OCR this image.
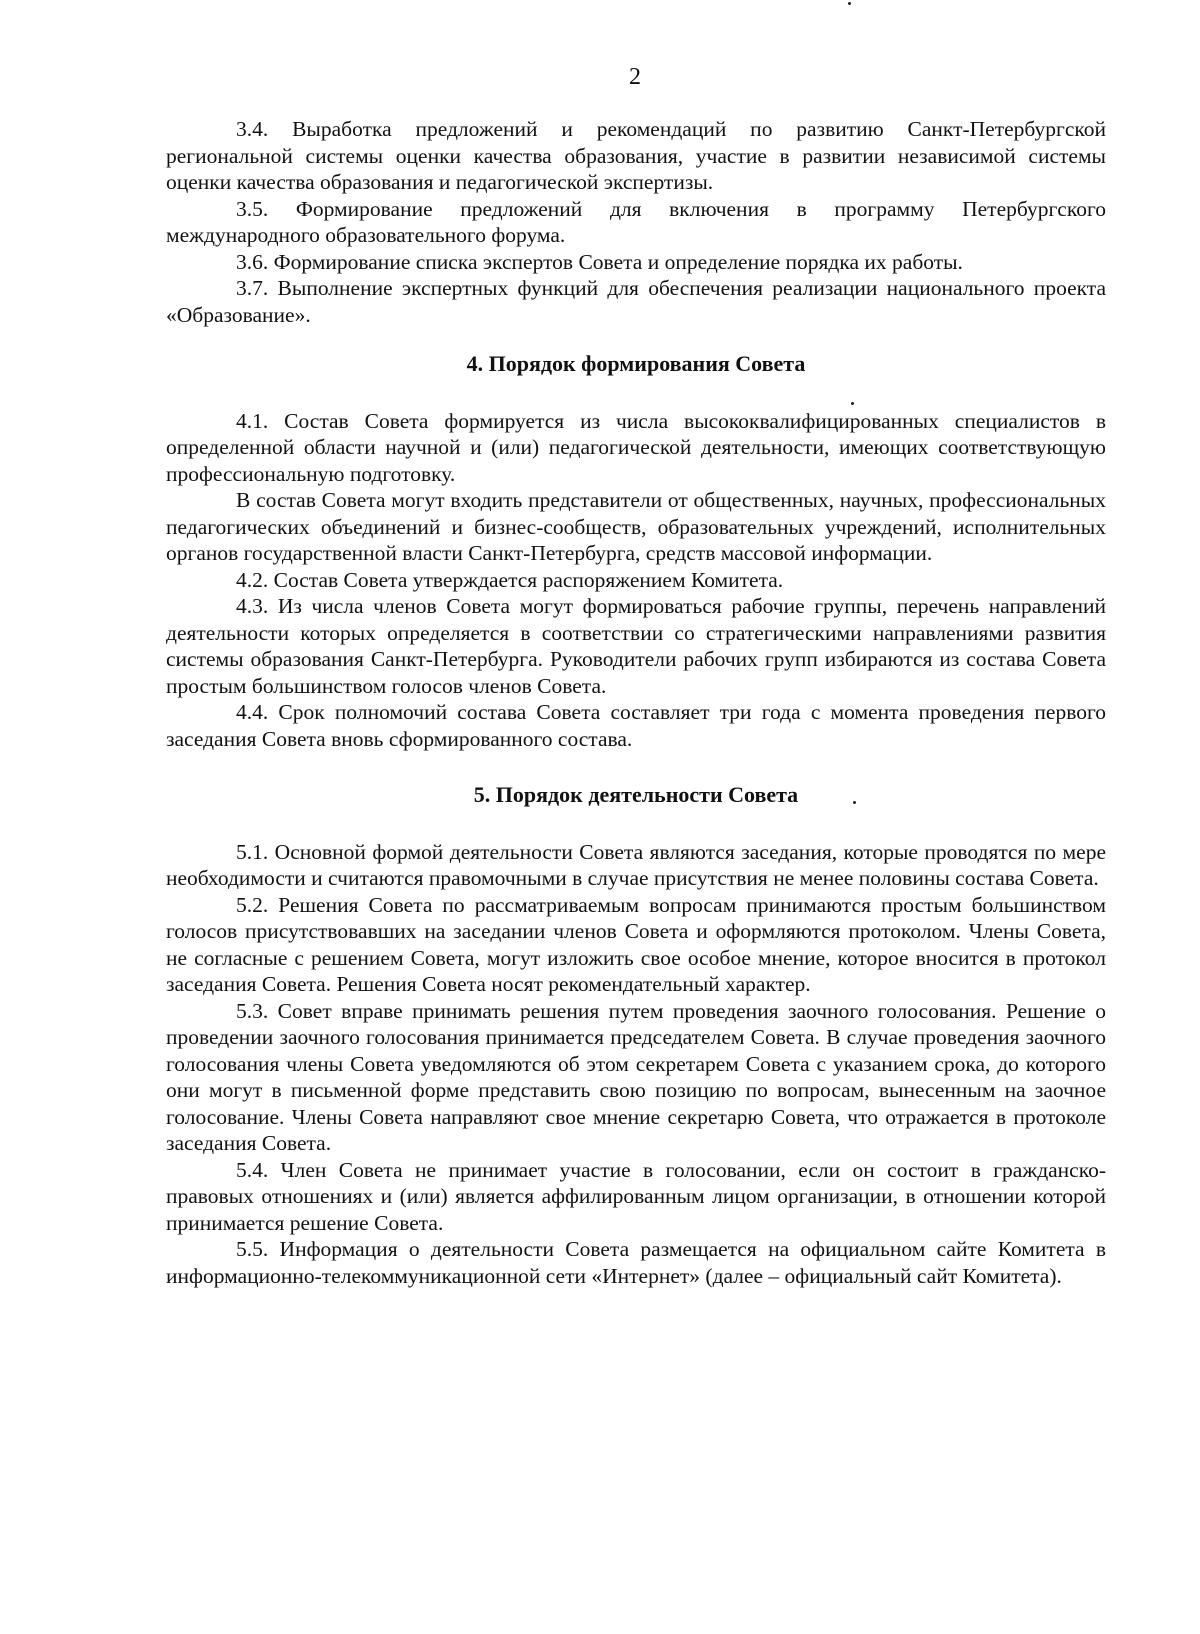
2

3.4. Выработка предложений и рекомендаций по развитию Санкт-Петербургской региональной системы оценки качества образования, участие в развитии независимой системы оценки качества образования и педагогической экспертизы.

3.5. Формирование предложений для включения в программу Петербургского международного образовательного форума.

3.6. Формирование списка экспертов Совета и определение порядка их работы.

3.7. Выполнение экспертных функций для обеспечения реализации национального проекта «Образование».

4. Порядок формирования Совета

4.1. Состав Совета формируется из числа высококвалифицированных специалистов в определенной области научной и (или) педагогической деятельности, имеющих соответствующую профессиональную подготовку.

В состав Совета могут входить представители от общественных, научных, профессиональных педагогических объединений и бизнес-сообществ, образовательных учреждений, исполнительных органов государственной власти Санкт-Петербурга, средств массовой информации.

4.2. Состав Совета утверждается распоряжением Комитета.

4.3. Из числа членов Совета могут формироваться рабочие группы, перечень направлений деятельности которых определяется в соответствии со стратегическими направлениями развития системы образования Санкт-Петербурга. Руководители рабочих групп избираются из состава Совета простым большинством голосов членов Совета.

4.4. Срок полномочий состава Совета составляет три года с момента проведения первого заседания Совета вновь сформированного состава.

5. Порядок деятельности Совета

5.1. Основной формой деятельности Совета являются заседания, которые проводятся по мере необходимости и считаются правомочными в случае присутствия не менее половины состава Совета.

5.2. Решения Совета по рассматриваемым вопросам принимаются простым большинством голосов присутствовавших на заседании членов Совета и оформляются протоколом. Члены Совета, не согласные с решением Совета, могут изложить свое особое мнение, которое вносится в протокол заседания Совета. Решения Совета носят рекомендательный характер.

5.3. Совет вправе принимать решения путем проведения заочного голосования. Решение о проведении заочного голосования принимается председателем Совета. В случае проведения заочного голосования члены Совета уведомляются об этом секретарем Совета с указанием срока, до которого они могут в письменной форме представить свою позицию по вопросам, вынесенным на заочное голосование. Члены Совета направляют свое мнение секретарю Совета, что отражается в протоколе заседания Совета.

5.4. Член Совета не принимает участие в голосовании, если он состоит в гражданско-правовых отношениях и (или) является аффилированным лицом организации, в отношении которой принимается решение Совета.

5.5. Информация о деятельности Совета размещается на официальном сайте Комитета в информационно-телекоммуникационной сети «Интернет» (далее – официальный сайт Комитета).
